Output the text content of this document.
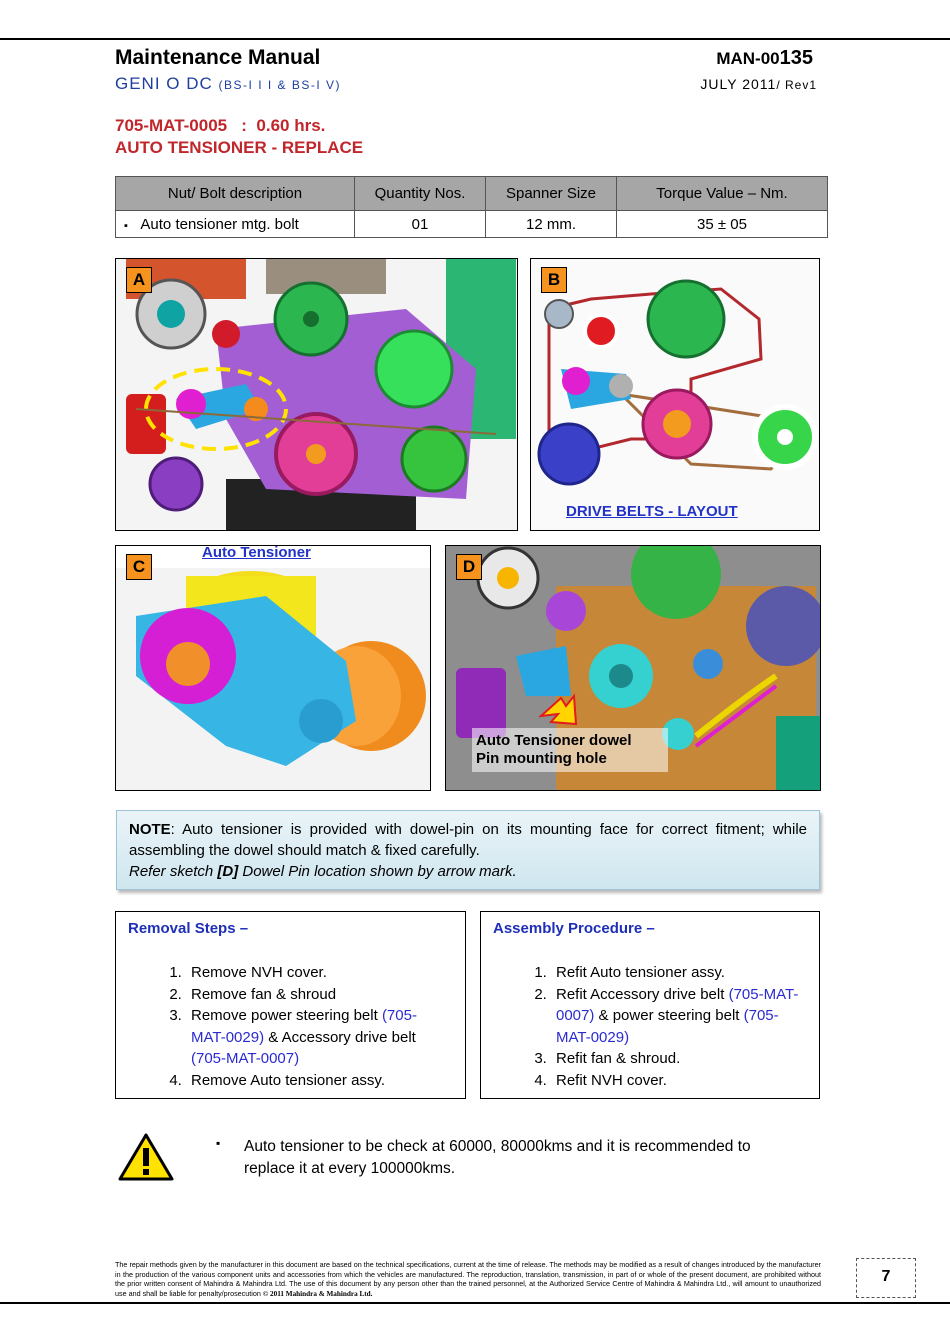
Maintenance Manual
GENI O DC (BS-I I I & BS-I V)
MAN-00135
JULY 2011/ Rev1
705-MAT-0005   :  0.60 hrs.
AUTO TENSIONER - REPLACE
Nut/ Bolt description	Quantity Nos.	Spanner Size	Torque Value – Nm.
▪ Auto tensioner mtg. bolt	01	12 mm.	35 ± 05
A	B
DRIVE BELTS - LAYOUT
C
Auto Tensioner
D
Auto Tensioner dowel
Pin mounting hole
NOTE: Auto tensioner is provided with dowel-pin on its mounting face for correct fitment; while assembling the dowel should match & fixed carefully.
Refer sketch [D] Dowel Pin location shown by arrow mark.
Removal Steps –
1. Remove NVH cover.
2. Remove fan & shroud
3. Remove power steering belt (705-MAT-0029) & Accessory drive belt (705-MAT-0007)
4. Remove Auto tensioner assy.
Assembly Procedure –
1. Refit Auto tensioner assy.
2. Refit Accessory drive belt (705-MAT-0007) & power steering belt (705-MAT-0029)
3. Refit fan & shroud.
4. Refit NVH cover.
▪ Auto tensioner to be check at 60000, 80000kms and it is recommended to replace it at every 100000kms.
The repair methods given by the manufacturer in this document are based on the technical specifications, current at the time of release. The methods may be modified as a result of changes introduced by the manufacturer in the production of the various component units and accessories from which the vehicles are manufactured. The reproduction, translation, transmission, in part of or whole of the present document, are prohibited without the prior written consent of Mahindra & Mahindra Ltd. The use of this document by any person other than the trained personnel, at the Authorized Service Centre of Mahindra & Mahindra Ltd., will amount to unauthorized use and shall be liable for penalty/prosecution © 2011 Mahindra & Mahindra Ltd.
7
